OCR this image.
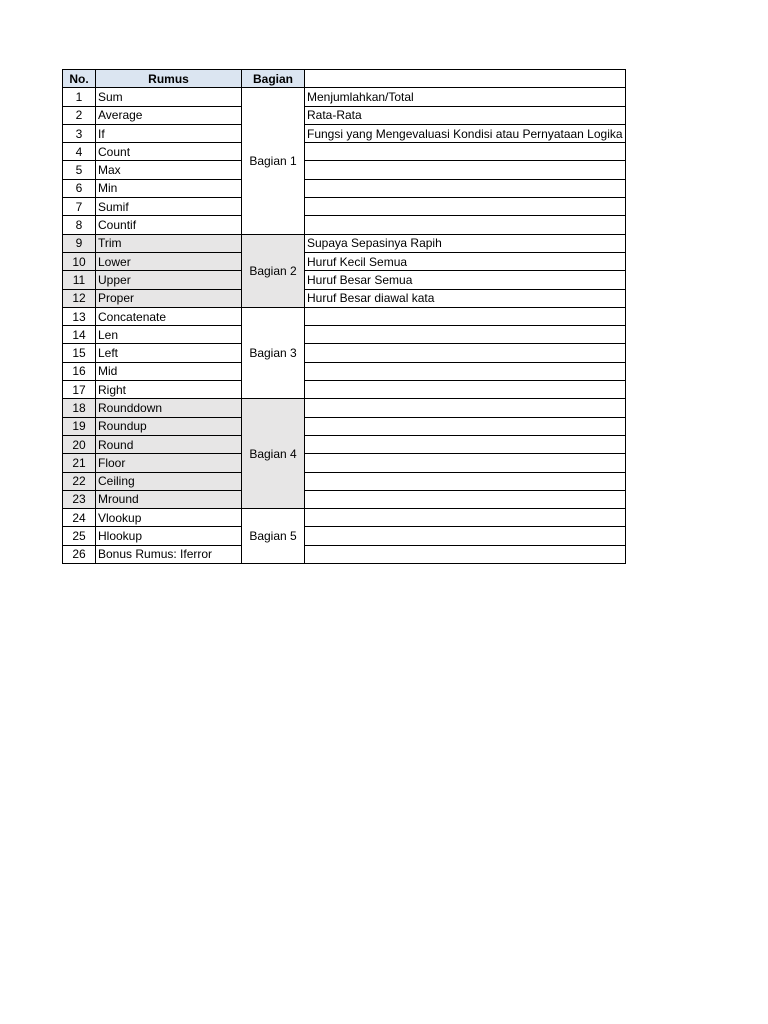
No.	Rumus	Bagian	
1	Sum	Bagian 1	Menjumlahkan/Total
2	Average		Rata-Rata
3	If		Fungsi yang Mengevaluasi Kondisi atau Pernyataan Logika
4	Count		
5	Max		
6	Min		
7	Sumif		
8	Countif		
9	Trim	Bagian 2	Supaya Sepasinya Rapih
10	Lower		Huruf Kecil Semua
11	Upper		Huruf Besar Semua
12	Proper		Huruf Besar diawal kata
13	Concatenate	Bagian 3	
14	Len		
15	Left		
16	Mid		
17	Right		
18	Rounddown	Bagian 4	
19	Roundup		
20	Round		
21	Floor		
22	Ceiling		
23	Mround		
24	Vlookup	Bagian 5	
25	Hlookup		
26	Bonus Rumus: Iferror		
